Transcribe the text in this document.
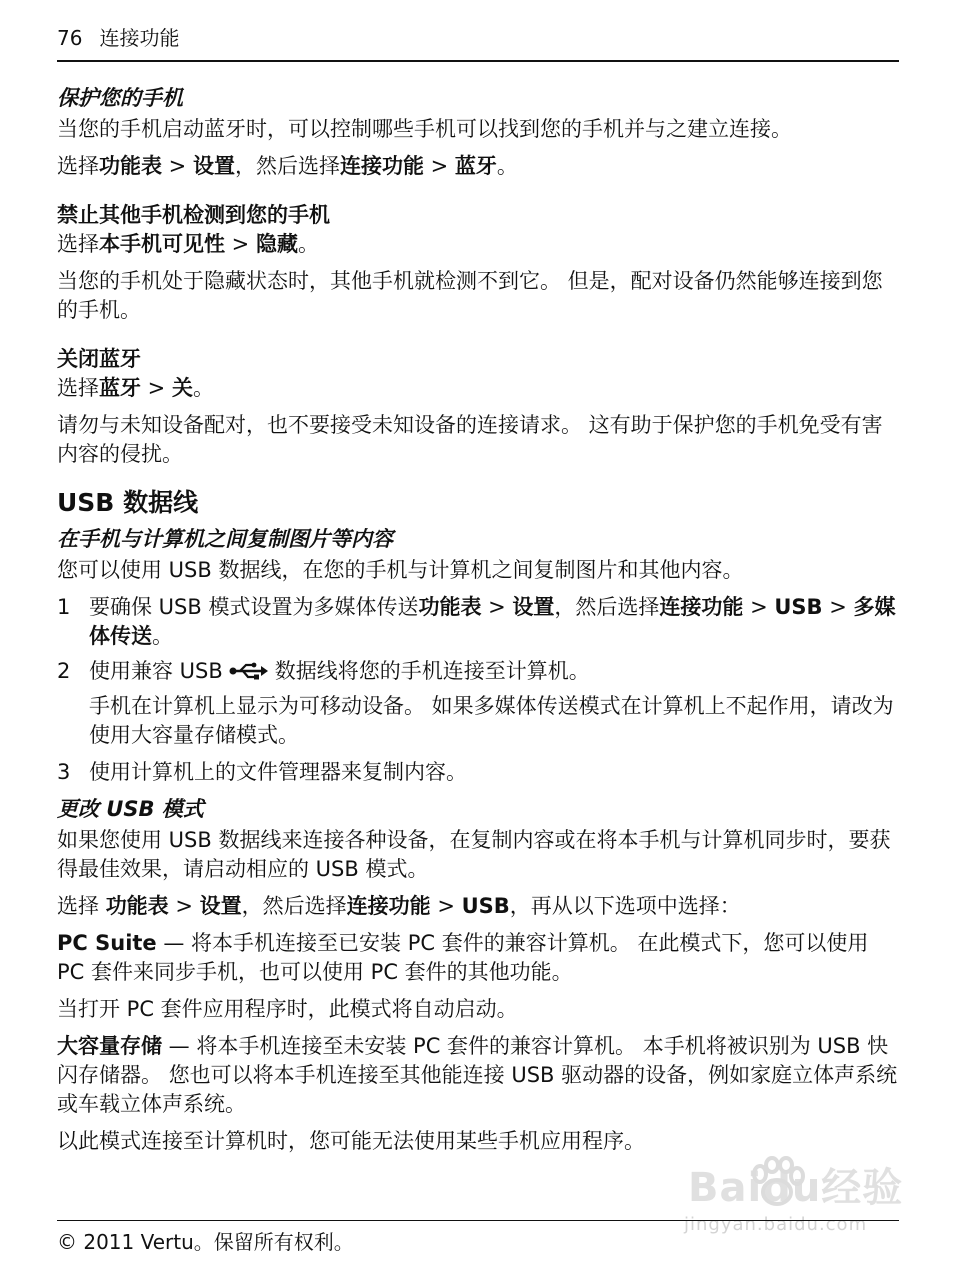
76 连接功能
保护您的手机

当您的手机启动蓝牙时，可以控制哪些手机可以找到您的手机并与之建立连接。

选择功能表 > 设置，然后选择连接功能 > 蓝牙。

禁止其他手机检测到您的手机

选择本手机可见性 > 隐藏。

当您的手机处于隐藏状态时，其他手机就检测不到它。 但是，配对设备仍然能够连接到您的手机。

关闭蓝牙

选择蓝牙 > 关。

请勿与未知设备配对，也不要接受未知设备的连接请求。 这有助于保护您的手机免受有害内容的侵扰。

USB 数据线
在手机与计算机之间复制图片等内容

您可以使用 USB 数据线，在您的手机与计算机之间复制图片和其他内容。

1 要确保 USB 模式设置为多媒体传送功能表 > 设置，然后选择连接功能 > USB > 多媒体传送。
2 使用兼容 USB 数据线将您的手机连接至计算机。
手机在计算机上显示为可移动设备。 如果多媒体传送模式在计算机上不起作用，请改为使用大容量存储模式。
3 使用计算机上的文件管理器来复制内容。
更改 USB 模式

如果您使用 USB 数据线来连接各种设备，在复制内容或在将本手机与计算机同步时，要获得最佳效果，请启动相应的 USB 模式。

选择 功能表 > 设置，然后选择连接功能 > USB，再从以下选项中选择：

PC Suite — 将本手机连接至已安装 PC 套件的兼容计算机。 在此模式下，您可以使用 PC 套件来同步手机，也可以使用 PC 套件的其他功能。

当打开 PC 套件应用程序时，此模式将自动启动。

大容量存储 — 将本手机连接至未安装 PC 套件的兼容计算机。 本手机将被识别为 USB 快闪存储器。 您也可以将本手机连接至其他能连接 USB 驱动器的设备，例如家庭立体声系统或车载立体声系统。

以此模式连接至计算机时，您可能无法使用某些手机应用程序。

Baidu经验
jingyan.baidu.com
© 2011 Vertu。保留所有权利。
